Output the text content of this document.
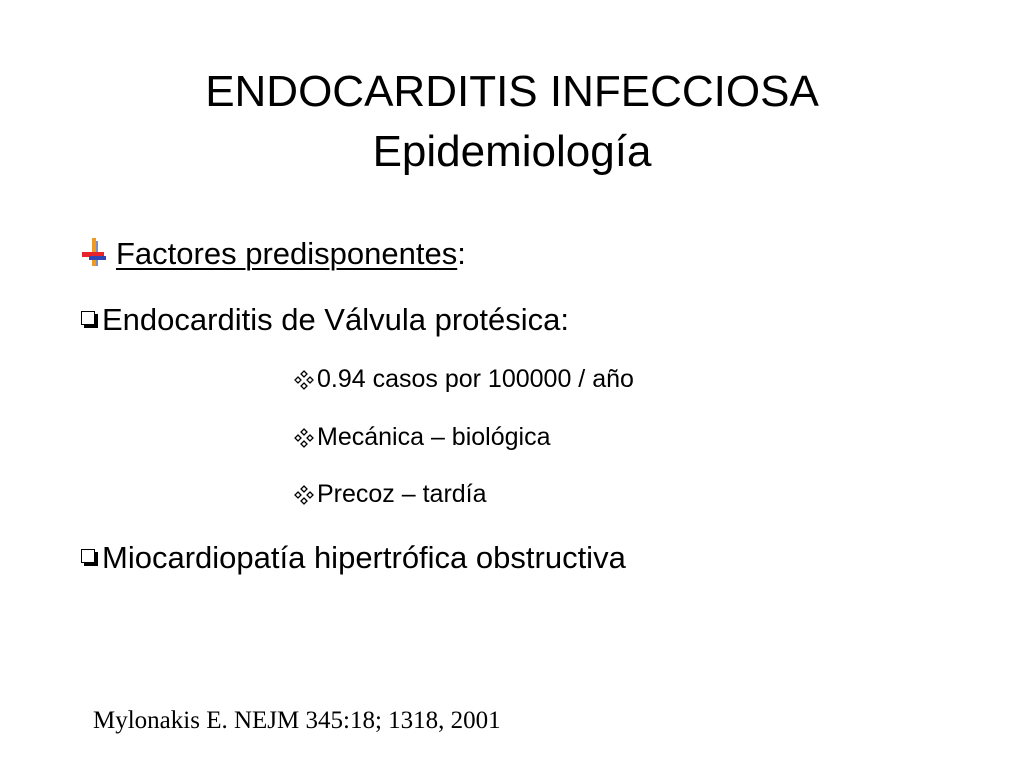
ENDOCARDITIS INFECCIOSA
Epidemiología
Factores predisponentes :
Endocarditis de Válvula protésica:
0.94 casos por 100000 / año
Mecánica – biológica
Precoz – tardía
Miocardiopatía hipertrófica obstructiva
Mylonakis E. NEJM 345:18; 1318, 2001
